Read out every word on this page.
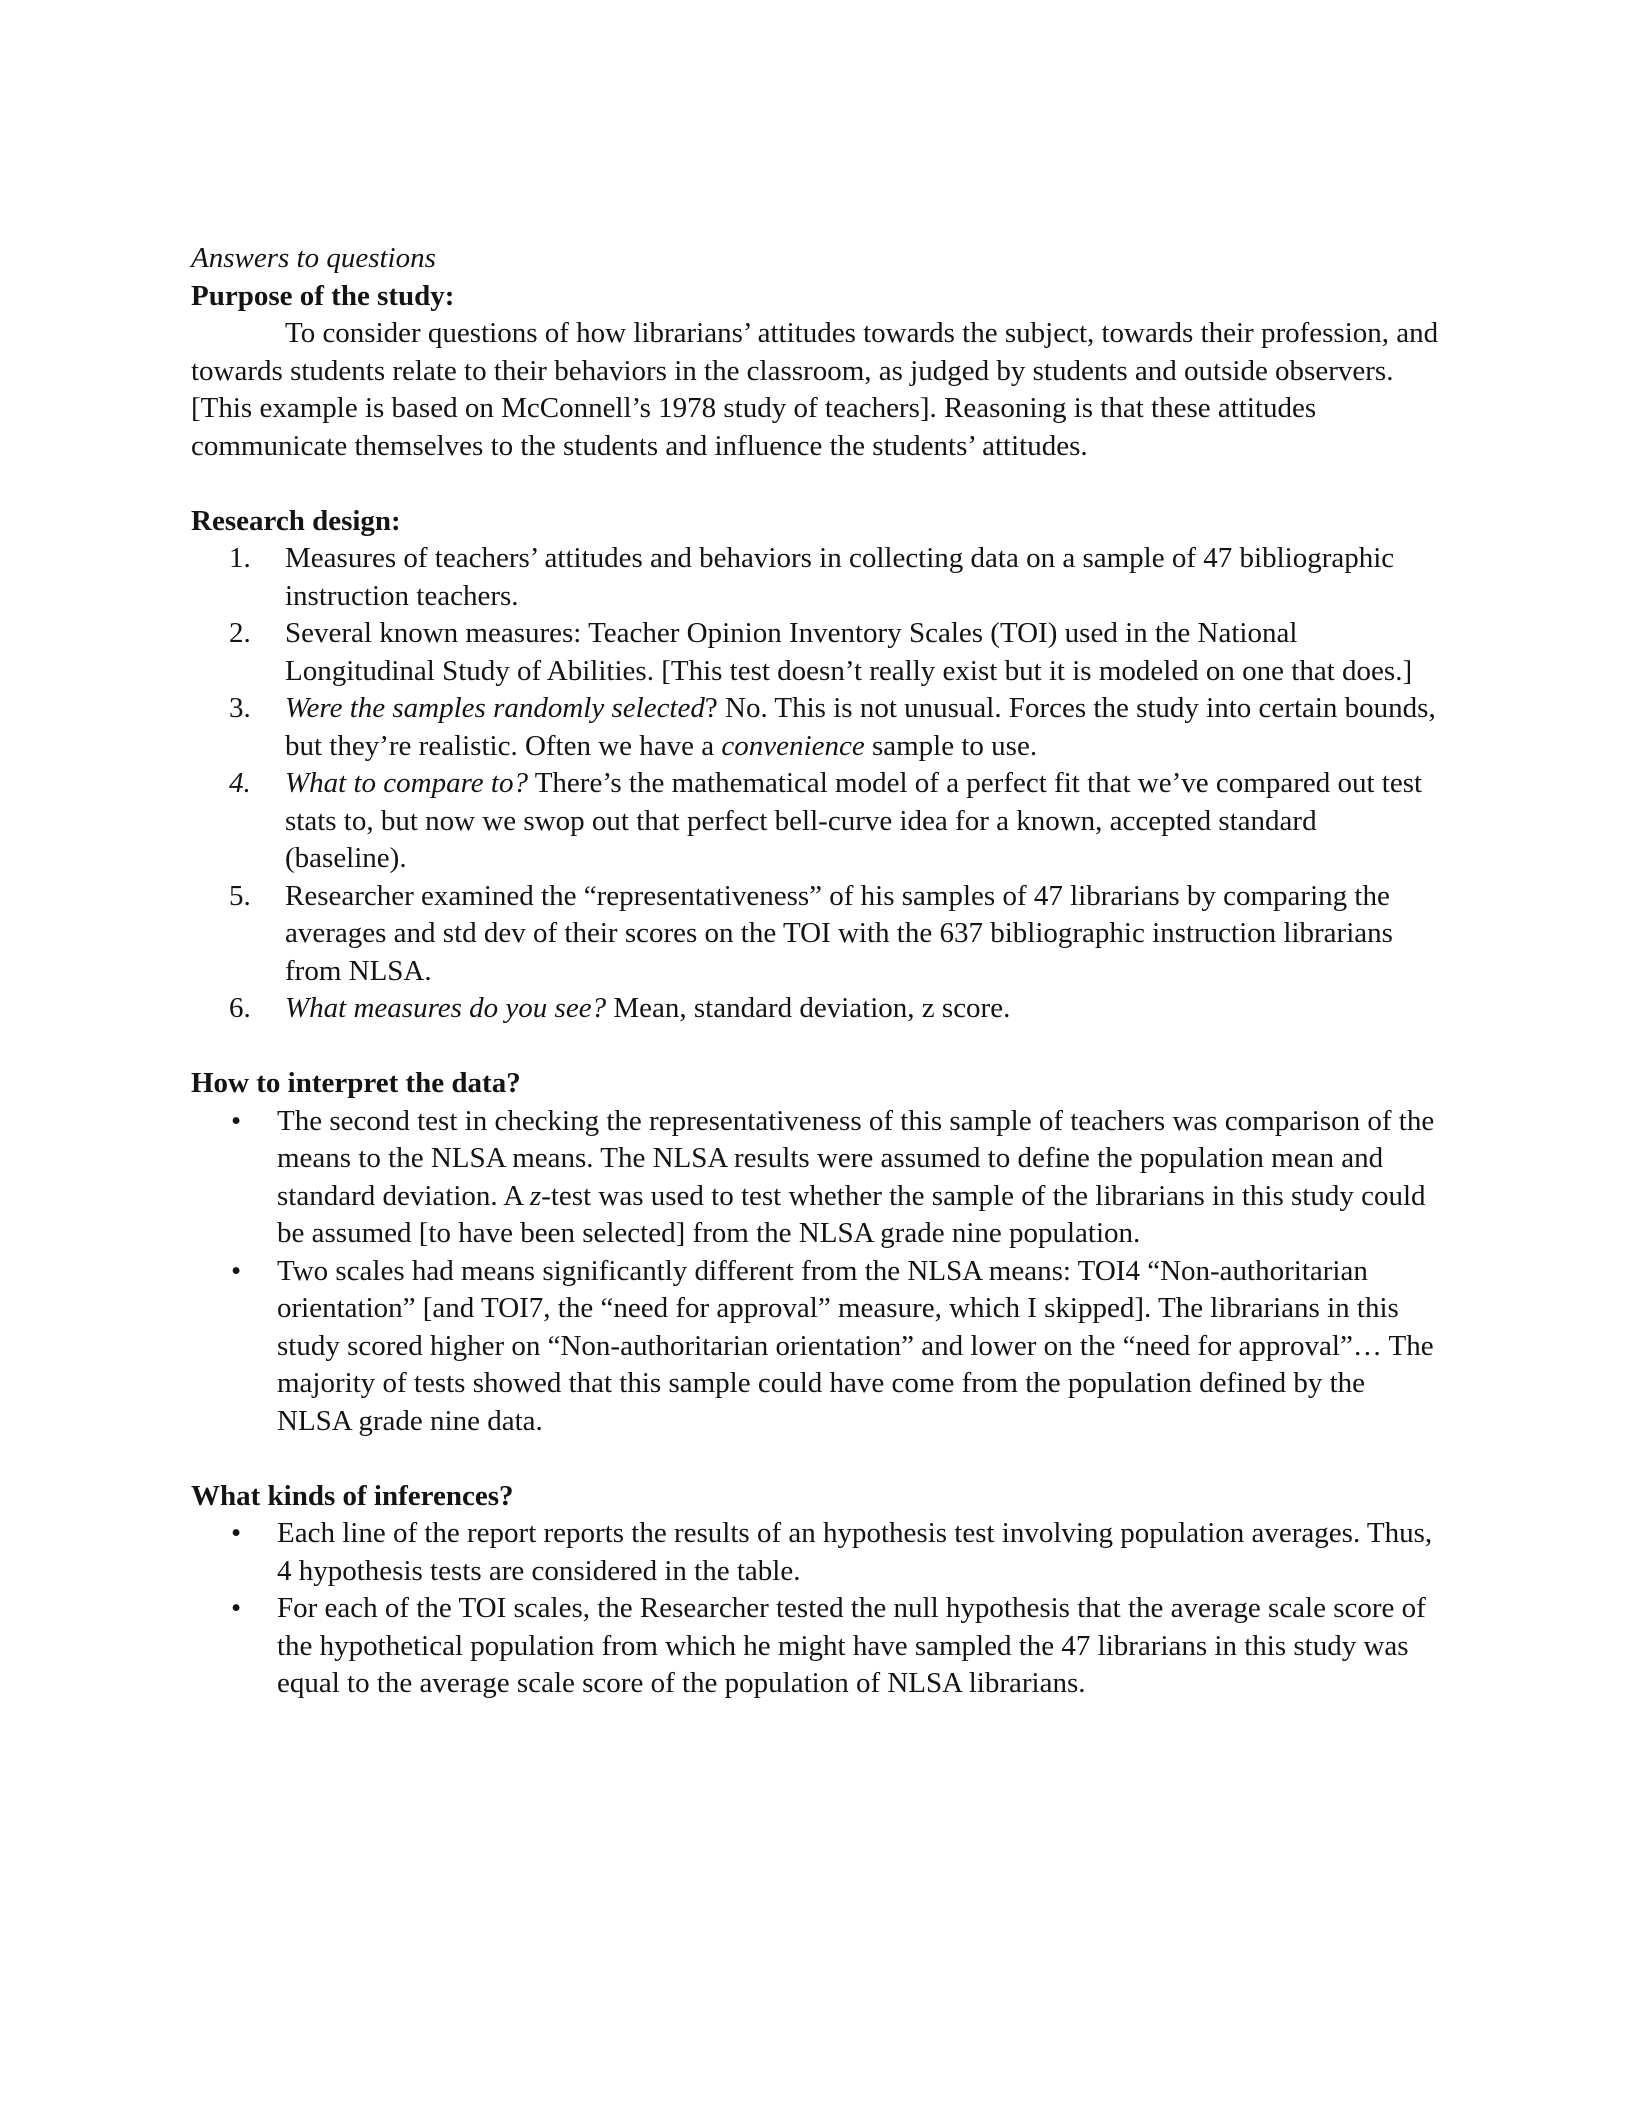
Answers to questions

Purpose of the study:

To consider questions of how librarians’ attitudes towards the subject, towards their profession, and towards students relate to their behaviors in the classroom, as judged by students and outside observers. [This example is based on McConnell’s 1978 study of teachers]. Reasoning is that these attitudes communicate themselves to the students and influence the students’ attitudes.

Research design:
1. Measures of teachers’ attitudes and behaviors in collecting data on a sample of 47 bibliographic instruction teachers.
2. Several known measures: Teacher Opinion Inventory Scales (TOI) used in the National Longitudinal Study of Abilities. [This test doesn’t really exist but it is modeled on one that does.]
3. Were the samples randomly selected? No. This is not unusual. Forces the study into certain bounds, but they’re realistic. Often we have a convenience sample to use.
4. What to compare to? There’s the mathematical model of a perfect fit that we’ve compared out test stats to, but now we swop out that perfect bell-curve idea for a known, accepted standard (baseline).
5. Researcher examined the “representativeness” of his samples of 47 librarians by comparing the averages and std dev of their scores on the TOI with the 637 bibliographic instruction librarians from NLSA.
6. What measures do you see? Mean, standard deviation, z score.
How to interpret the data?
• The second test in checking the representativeness of this sample of teachers was comparison of the means to the NLSA means. The NLSA results were assumed to define the population mean and standard deviation. A z-test was used to test whether the sample of the librarians in this study could be assumed [to have been selected] from the NLSA grade nine population.
• Two scales had means significantly different from the NLSA means: TOI4 “Non-authoritarian orientation” [and TOI7, the “need for approval” measure, which I skipped]. The librarians in this study scored higher on “Non-authoritarian orientation” and lower on the “need for approval”… The majority of tests showed that this sample could have come from the population defined by the NLSA grade nine data.
What kinds of inferences?
• Each line of the report reports the results of an hypothesis test involving population averages. Thus, 4 hypothesis tests are considered in the table.
• For each of the TOI scales, the Researcher tested the null hypothesis that the average scale score of the hypothetical population from which he might have sampled the 47 librarians in this study was equal to the average scale score of the population of NLSA librarians.
